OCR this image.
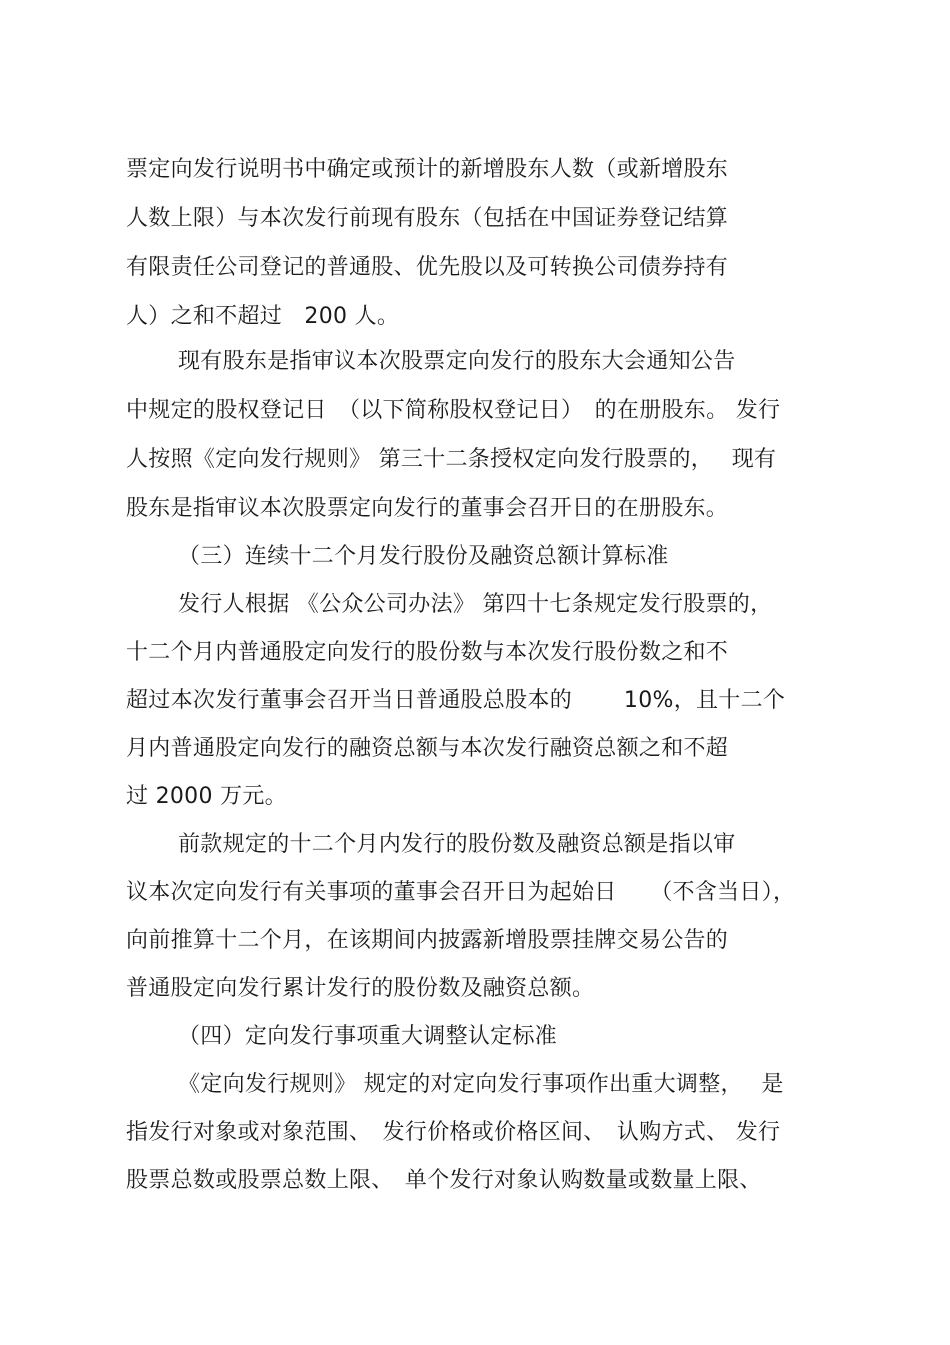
票定向发行说明书中确定或预计的新增股东人数（或新增股东
人数上限）与本次发行前现有股东（包括在中国证券登记结算
有限责任公司登记的普通股、优先股以及可转换公司债券持有
人）之和不超过　200 人。
现有股东是指审议本次股票定向发行的股东大会通知公告
中规定的股权登记日　（以下简称股权登记日）　的在册股东。 发行
人按照《定向发行规则》 第三十二条授权定向发行股票的，　 现有
股东是指审议本次股票定向发行的董事会召开日的在册股东。
（三）连续十二个月发行股份及融资总额计算标准
发行人根据 《公众公司办法》 第四十七条规定发行股票的，
十二个月内普通股定向发行的股份数与本次发行股份数之和不
超过本次发行董事会召开当日普通股总股本的　　 10%，且十二个
月内普通股定向发行的融资总额与本次发行融资总额之和不超
过 2000 万元。
前款规定的十二个月内发行的股份数及融资总额是指以审
议本次定向发行有关事项的董事会召开日为起始日　　（不含当日），
向前推算十二个月，在该期间内披露新增股票挂牌交易公告的
普通股定向发行累计发行的股份数及融资总额。
（四）定向发行事项重大调整认定标准
《定向发行规则》 规定的对定向发行事项作出重大调整，　 是
指发行对象或对象范围、　发行价格或价格区间、　认购方式、 发行
股票总数或股票总数上限、　单个发行对象认购数量或数量上限、
